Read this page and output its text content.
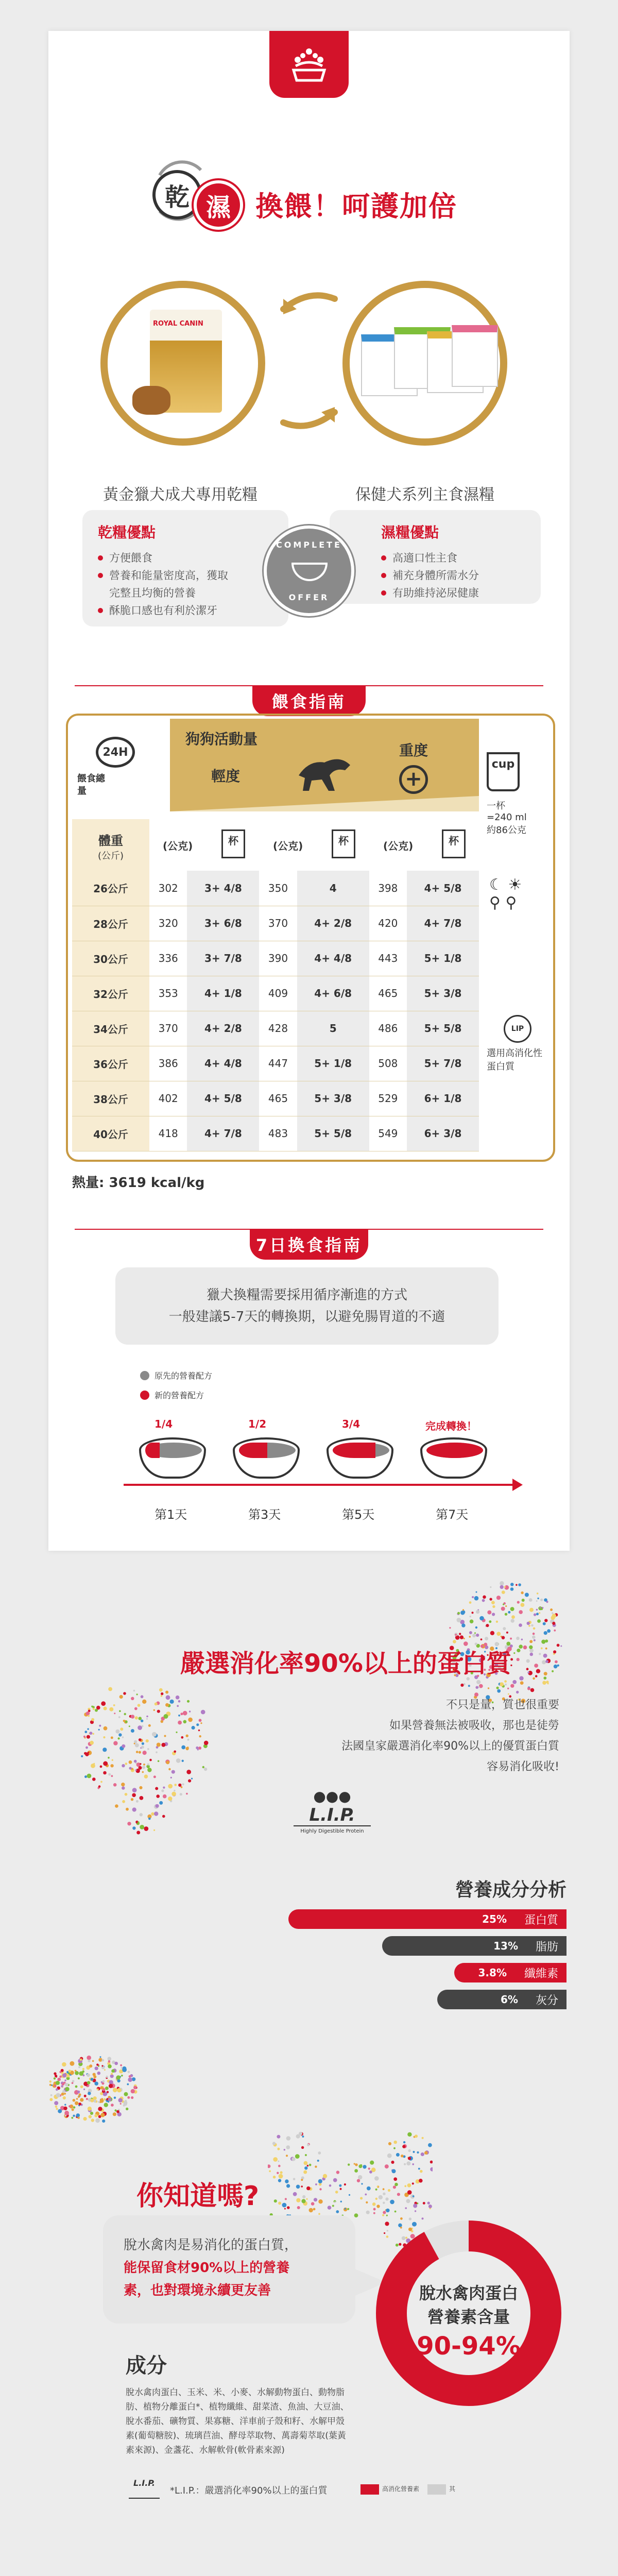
乾 濕 換餵！呵護加倍
ROYAL CANIN
黃金獵犬成犬專用乾糧	保健犬系列主食濕糧
乾糧優點
方便餵食
營養和能量密度高，獲取完整且均衡的營養
酥脆口感也有利於潔牙
濕糧優點
高適口性主食
補充身體所需水分
有助維持泌尿健康
COMPLETE
OFFER
餵食指南
狗狗活動量
輕度
重度
+
24H
餵食總量
體重
(公斤)
(公克)	杯	(公克)	杯	(公克)	杯
26公斤	302	3+ 4/8	350	4	398	4+ 5/8
28公斤	320	3+ 6/8	370	4+ 2/8	420	4+ 7/8
30公斤	336	3+ 7/8	390	4+ 4/8	443	5+ 1/8
32公斤	353	4+ 1/8	409	4+ 6/8	465	5+ 3/8
34公斤	370	4+ 2/8	428	5	486	5+ 5/8
36公斤	386	4+ 4/8	447	5+ 1/8	508	5+ 7/8
38公斤	402	4+ 5/8	465	5+ 3/8	529	6+ 1/8
40公斤	418	4+ 7/8	483	5+ 5/8	549	6+ 3/8
cup
一杯
=240 ml
約86公克
☾ ☀
⚲ ⚲
LIP
選用高消化性蛋白質
熱量: 3619 kcal/kg
7日換食指南
獵犬換糧需要採用循序漸進的方式
一般建議5-7天的轉換期，以避免腸胃道的不適
原先的營養配方
新的營養配方
1/4
第1天
1/2
第3天
3/4
第5天
完成轉換！
第7天
嚴選消化率90%以上的蛋白質
不只是量，質也很重要
如果營養無法被吸收，那也是徒勞
法國皇家嚴選消化率90%以上的優質蛋白質
容易消化吸收!
●●●
L.I.P.
Highly Digestible Protein
營養成分分析
25%	蛋白質
13%	脂肪
3.8%	纖維素
6%	灰分
你知道嗎?
脫水禽肉是易消化的蛋白質，
能保留食材90%以上的營養
素，也對環境永續更友善	脫水禽肉蛋白
營養素含量
90-94%
成分
脫水禽肉蛋白、玉米、米、小麥、水解動物蛋白、動物脂肪、植物分離蛋白*、植物纖維、甜菜渣、魚油、大豆油、脫水番茄、礦物質、果寡糖、洋車前子殼和籽、水解甲殼素(葡萄糖胺)、琉璃苣油、酵母萃取物、萬壽菊萃取(葉黃素來源)、金盞花、水解軟骨(軟骨素來源)
L.I.P.
*L.I.P.：嚴選消化率90%以上的蛋白質	高消化營養素	其
